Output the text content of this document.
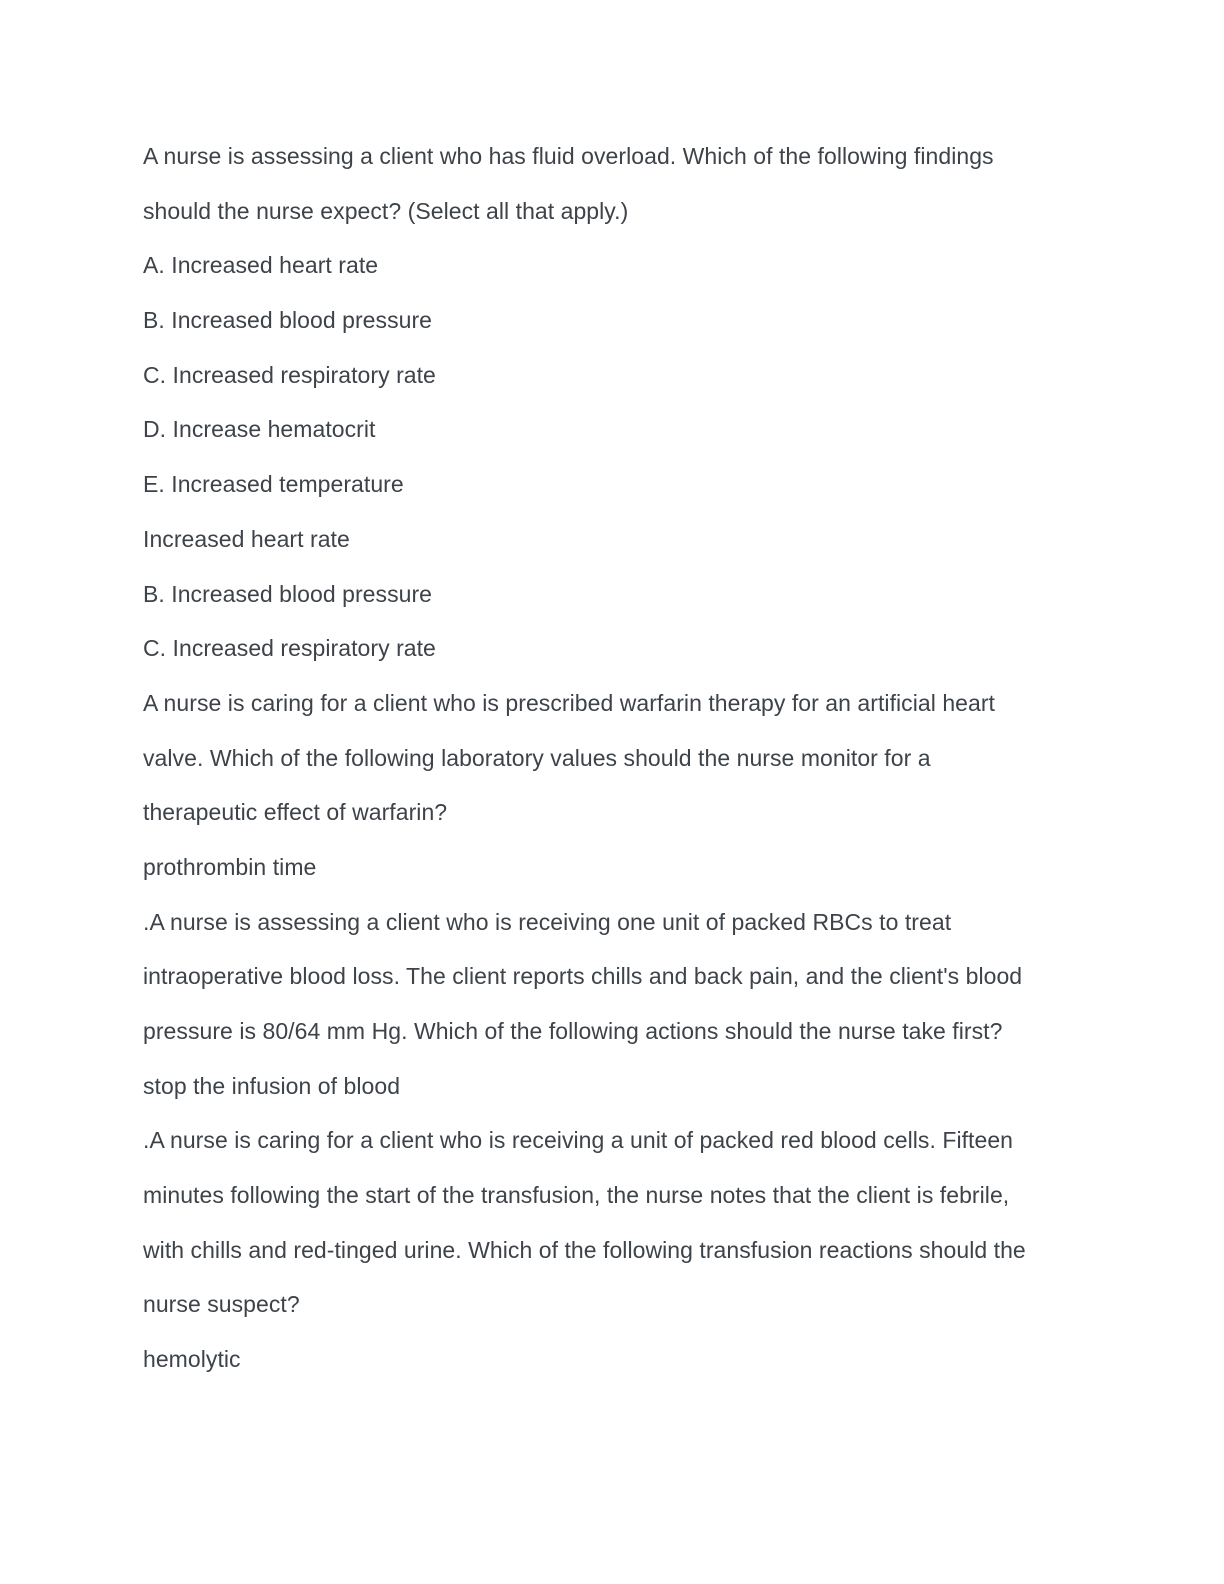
A nurse is assessing a client who has fluid overload. Which of the following findings

should the nurse expect? (Select all that apply.)

A. Increased heart rate

B. Increased blood pressure

C. Increased respiratory rate

D. Increase hematocrit

E. Increased temperature

Increased heart rate

B. Increased blood pressure

C. Increased respiratory rate

A nurse is caring for a client who is prescribed warfarin therapy for an artificial heart

valve. Which of the following laboratory values should the nurse monitor for a

therapeutic effect of warfarin?

prothrombin time

.A nurse is assessing a client who is receiving one unit of packed RBCs to treat

intraoperative blood loss. The client reports chills and back pain, and the client's blood

pressure is 80/64 mm Hg. Which of the following actions should the nurse take first?

stop the infusion of blood

.A nurse is caring for a client who is receiving a unit of packed red blood cells. Fifteen

minutes following the start of the transfusion, the nurse notes that the client is febrile,

with chills and red-tinged urine. Which of the following transfusion reactions should the

nurse suspect?

hemolytic
